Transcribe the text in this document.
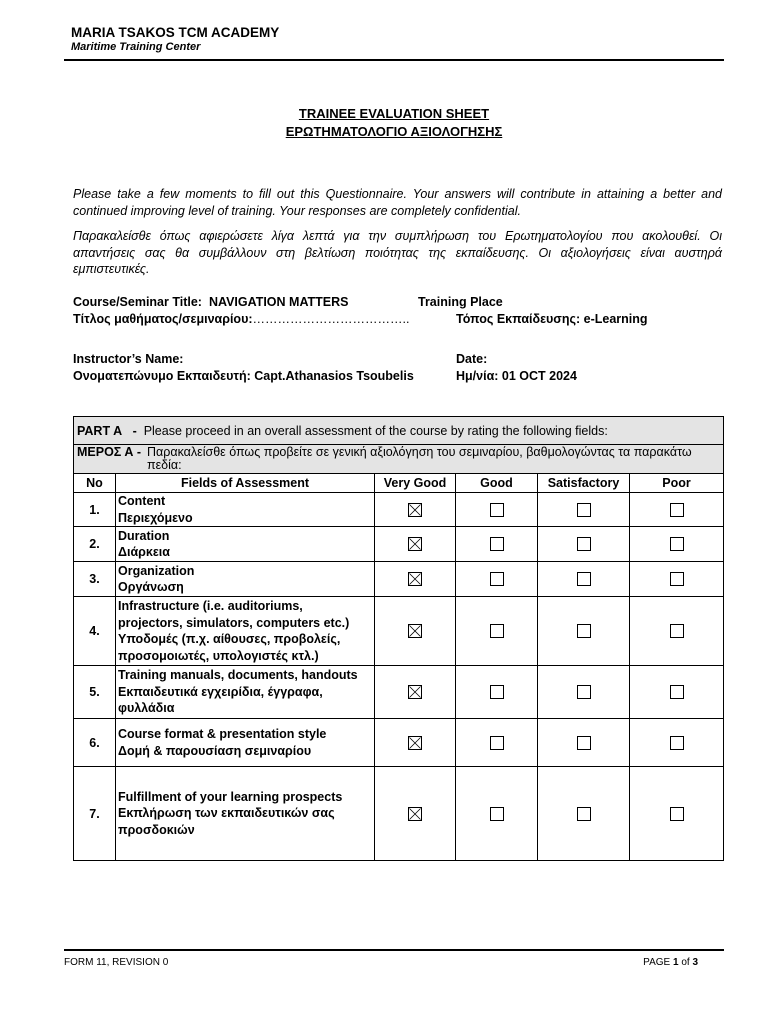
MARIA TSAKOS TCM ACADEMY
Maritime Training Center
TRAINEE EVALUATION SHEET
ΕΡΩΤΗΜΑΤΟΛΟΓΙΟ ΑΞΙΟΛΟΓΗΣΗΣ
Please take a few moments to fill out this Questionnaire. Your answers will contribute in attaining a better and continued improving level of training. Your responses are completely confidential.
Παρακαλείσθε όπως αφιερώσετε λίγα λεπτά για την συμπλήρωση του Ερωτηματολογίου που ακολουθεί. Οι απαντήσεις σας θα συμβάλλουν στη βελτίωση ποιότητας της εκπαίδευσης. Οι αξιολογήσεις είναι αυστηρά εμπιστευτικές.
Course/Seminar Title: NAVIGATION MATTERS	Training Place
Τίτλος μαθήματος/σεμιναρίου:………………………………..	Τόπος Εκπαίδευσης: e-Learning
Instructor’s Name:	Date:
Ονοματεπώνυμο Εκπαιδευτή: Capt.Athanasios Tsoubelis	Ημ/νία: 01 OCT 2024
PART A - Please proceed in an overall assessment of the course by rating the following fields:					

ΜΕΡΟΣ Α - Παρακαλείσθε όπως προβείτε σε γενική αξιολόγηση του σεμιναρίου, βαθμολογώντας τα παρακάτω πεδία:					

No	Fields of Assessment	Very Good	Good	Satisfactory	Poor
1.	Content
Περιεχόμενο

2.	Duration
Διάρκεια

3.	Organization
Οργάνωση

4.	Infrastructure (i.e. auditoriums,
projectors, simulators, computers etc.)
Υποδομές (π.χ. αίθουσες, προβολείς,
προσομοιωτές, υπολογιστές κτλ.)

5.	Training manuals, documents, handouts
Εκπαιδευτικά εγχειρίδια, έγγραφα,
φυλλάδια

6.	Course format & presentation style
Δομή & παρουσίαση σεμιναρίου

7.	Fulfillment of your learning prospects
Εκπλήρωση των εκπαιδευτικών σας
προσδοκιών

FORM 11, REVISION 0	PAGE 1 of 3
